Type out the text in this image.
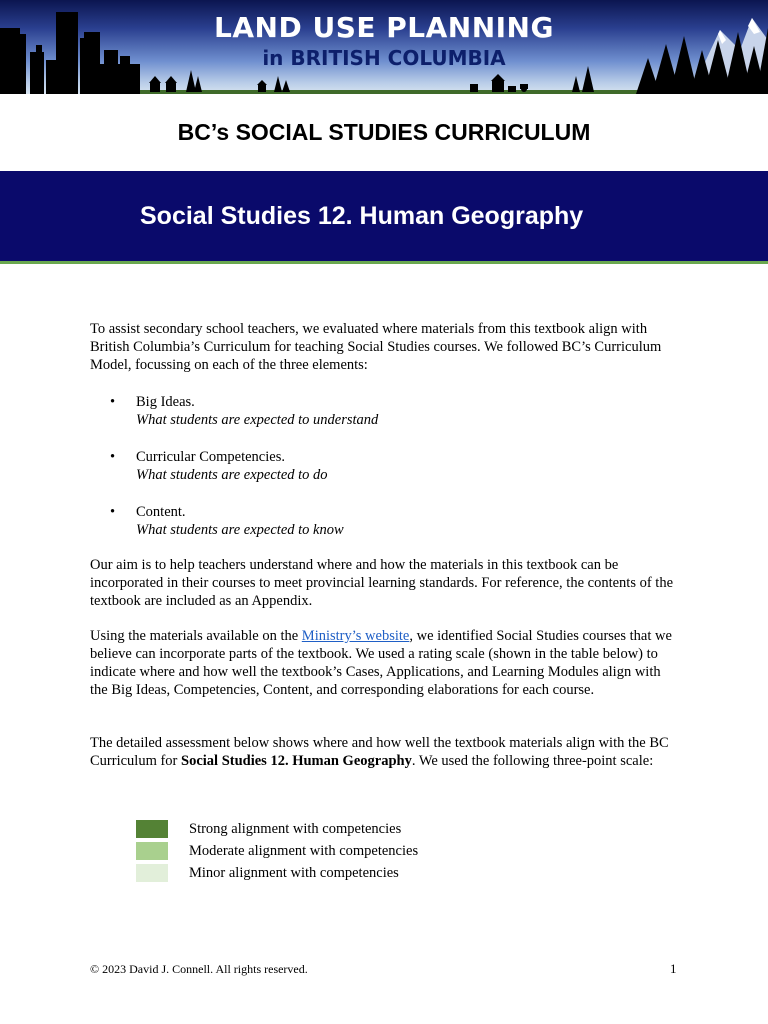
LAND USE PLANNING
in BRITISH COLUMBIA
BC’s SOCIAL STUDIES CURRICULUM
Social Studies 12. Human Geography

To assist secondary school teachers, we evaluated where materials from this textbook align with British Columbia’s Curriculum for teaching Social Studies courses. We followed BC’s Curriculum Model, focussing on each of the three elements:

• Big Ideas.
What students are expected to understand
• Curricular Competencies.
What students are expected to do
• Content.
What students are expected to know

Our aim is to help teachers understand where and how the materials in this textbook can be incorporated in their courses to meet provincial learning standards. For reference, the contents of the textbook are included as an Appendix.

Using the materials available on the Ministry’s website, we identified Social Studies courses that we believe can incorporate parts of the textbook. We used a rating scale (shown in the table below) to indicate where and how well the textbook’s Cases, Applications, and Learning Modules align with the Big Ideas, Competencies, Content, and corresponding elaborations for each course.

The detailed assessment below shows where and how well the textbook materials align with the BC Curriculum for Social Studies 12. Human Geography. We used the following three-point scale:

Strong alignment with competencies
Moderate alignment with competencies
Minor alignment with competencies
© 2023 David J. Connell. All rights reserved.	1
